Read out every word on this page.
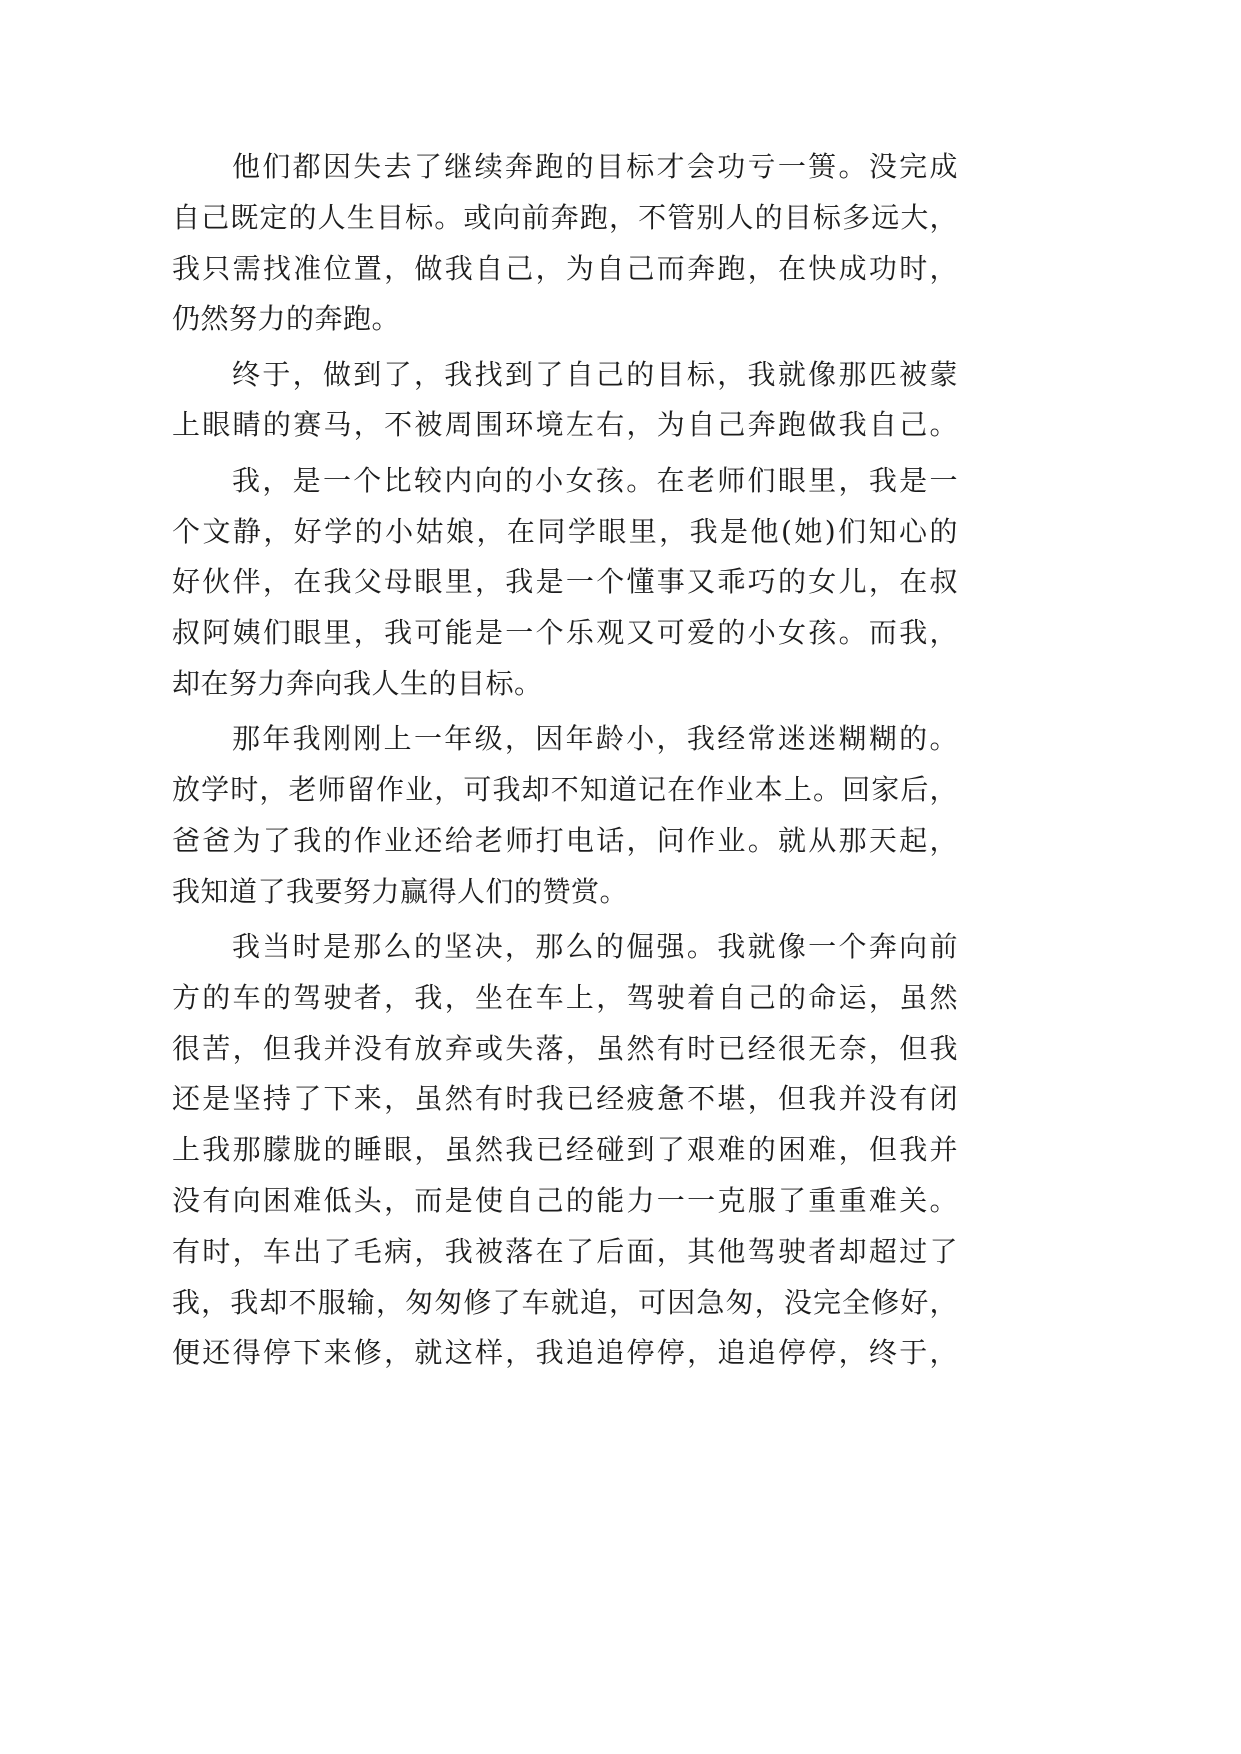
他们都因失去了继续奔跑的目标才会功亏一篑。没完成
自己既定的人生目标。或向前奔跑，不管别人的目标多远大，
我只需找准位置，做我自己，为自己而奔跑，在快成功时，
仍然努力的奔跑。
终于，做到了，我找到了自己的目标，我就像那匹被蒙
上眼睛的赛马，不被周围环境左右，为自己奔跑做我自己。
我，是一个比较内向的小女孩。在老师们眼里，我是一
个文静，好学的小姑娘，在同学眼里，我是他(她)们知心的
好伙伴，在我父母眼里，我是一个懂事又乖巧的女儿，在叔
叔阿姨们眼里，我可能是一个乐观又可爱的小女孩。而我，
却在努力奔向我人生的目标。
那年我刚刚上一年级，因年龄小，我经常迷迷糊糊的。
放学时，老师留作业，可我却不知道记在作业本上。回家后，
爸爸为了我的作业还给老师打电话，问作业。就从那天起，
我知道了我要努力赢得人们的赞赏。
我当时是那么的坚决，那么的倔强。我就像一个奔向前
方的车的驾驶者，我，坐在车上，驾驶着自己的命运，虽然
很苦，但我并没有放弃或失落，虽然有时已经很无奈，但我
还是坚持了下来，虽然有时我已经疲惫不堪，但我并没有闭
上我那朦胧的睡眼，虽然我已经碰到了艰难的困难，但我并
没有向困难低头，而是使自己的能力一一克服了重重难关。
有时，车出了毛病，我被落在了后面，其他驾驶者却超过了
我，我却不服输，匆匆修了车就追，可因急匆，没完全修好，
便还得停下来修，就这样，我追追停停，追追停停，终于，
